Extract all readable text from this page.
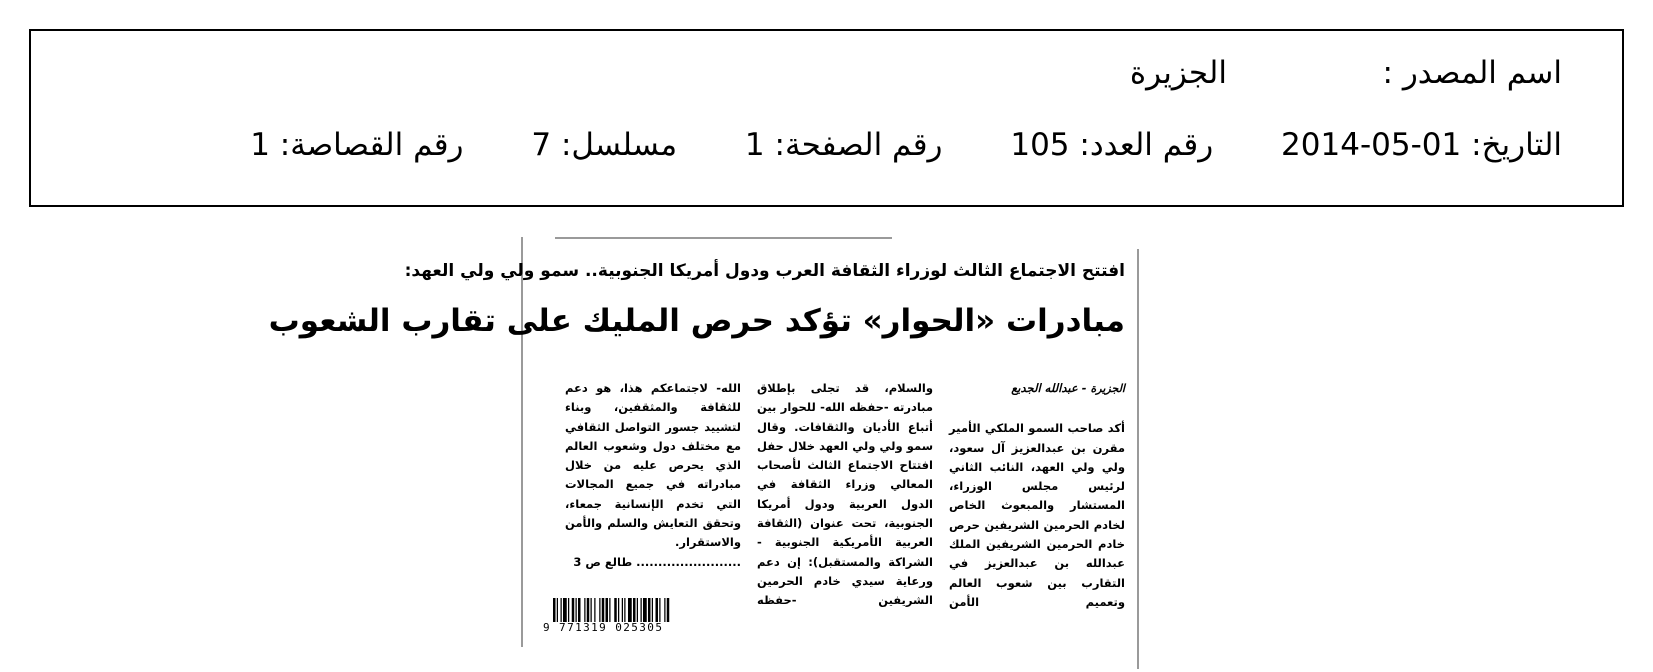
اسم المصدر :الجزيرة
التاريخ: 01-05-2014 رقم العدد: 105 رقم الصفحة: 1 مسلسل: 7 رقم القصاصة: 1
افتتح الاجتماع الثالث لوزراء الثقافة العرب ودول أمريكا الجنوبية.. سمو ولي ولي العهد:
مبادرات «الحوار» تؤكد حرص المليك على تقارب الشعوب

الجزيرة - عبدالله الجديع

أكد صاحب السمو الملكي الأمير مقرن بن عبدالعزيز آل سعود، ولي ولي العهد، النائب الثاني لرئيس مجلس الوزراء، المستشار والمبعوث الخاص لخادم الحرمين الشريفين حرص خادم الحرمين الشريفين الملك عبدالله بن عبدالعزيز في التقارب بين شعوب العالم وتعميم الأمن

والسلام، قد تجلى بإطلاق مبادرته -حفظه الله- للحوار بين أتباع الأديان والثقافات. وقال سمو ولي ولي العهد خلال حفل افتتاح الاجتماع الثالث لأصحاب المعالي وزراء الثقافة في الدول العربية ودول أمريكا الجنوبية، تحت عنوان (الثقافة العربية الأمريكية الجنوبية - الشراكة والمستقبل): إن دعم ورعاية سيدي خادم الحرمين الشريفين -حفظه

الله- لاجتماعكم هذا، هو دعم للثقافة والمثقفين، وبناء لتشييد جسور التواصل الثقافي مع مختلف دول وشعوب العالم الذي يحرص عليه من خلال مبادراته في جميع المجالات التي تخدم الإنسانية جمعاء، وتحقق التعايش والسلم والأمن والاستقرار.

........................ طالع ص 3

9 771319 025305
